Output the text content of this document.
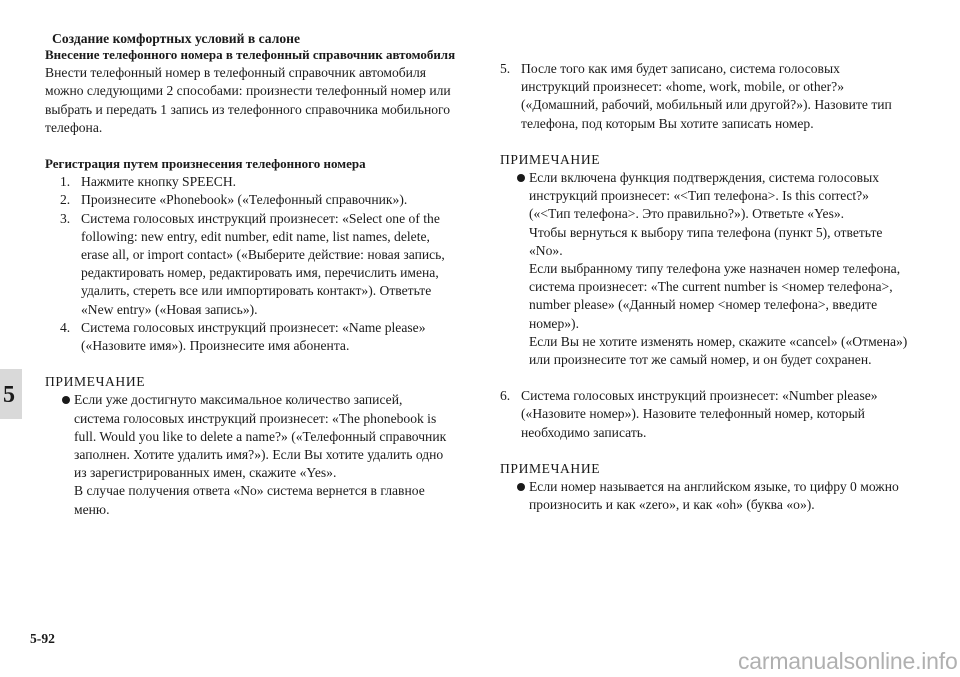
Создание комфортных условий в салоне
5
Внесение телефонного номера в телефонный справочник автомобиля
Внести телефонный номер в телефонный справочник автомобиля
можно следующими 2 способами: произнести телефонный номер или
выбрать и передать 1 запись из телефонного справочника мобильного
телефона.
Регистрация путем произнесения телефонного номера
1. Нажмите кнопку SPEECH.
2. Произнесите «Phonebook» («Телефонный справочник»).
3. Система голосовых инструкций произнесет: «Select one of the
following: new entry, edit number, edit name, list names, delete,
erase all, or import contact» («Выберите действие: новая запись,
редактировать номер, редактировать имя, перечислить имена,
удалить, стереть все или импортировать контакт»). Ответьте
«New entry» («Новая запись»).
4. Система голосовых инструкций произнесет: «Name please»
(«Назовите имя»). Произнесите имя абонента.
ПРИМЕЧАНИЕ
Если уже достигнуто максимальное количество записей,
система голосовых инструкций произнесет: «The phonebook is
full. Would you like to delete a name?» («Телефонный справочник
заполнен. Хотите удалить имя?»). Если Вы хотите удалить одно
из зарегистрированных имен, скажите «Yes».
В случае получения ответа «No» система вернется в главное
меню.
5. После того как имя будет записано, система голосовых
инструкций произнесет: «home, work, mobile, or other?»
(«Домашний, рабочий, мобильный или другой?»). Назовите тип
телефона, под которым Вы хотите записать номер.
ПРИМЕЧАНИЕ
Если включена функция подтверждения, система голосовых
инструкций произнесет: «<Тип телефона>. Is this correct?»
(«<Тип телефона>. Это правильно?»). Ответьте «Yes».
Чтобы вернуться к выбору типа телефона (пункт 5), ответьте
«No».
Если выбранному типу телефона уже назначен номер телефона,
система произнесет: «The current number is <номер телефона>,
number please» («Данный номер <номер телефона>, введите
номер»).
Если Вы не хотите изменять номер, скажите «cancel» («Отмена»)
или произнесите тот же самый номер, и он будет сохранен.
6. Система голосовых инструкций произнесет: «Number please»
(«Назовите номер»). Назовите телефонный номер, который
необходимо записать.
ПРИМЕЧАНИЕ
Если номер называется на английском языке, то цифру 0 можно
произносить и как «zero», и как «oh» (буква «o»).
5-92
carmanualsonline.info
